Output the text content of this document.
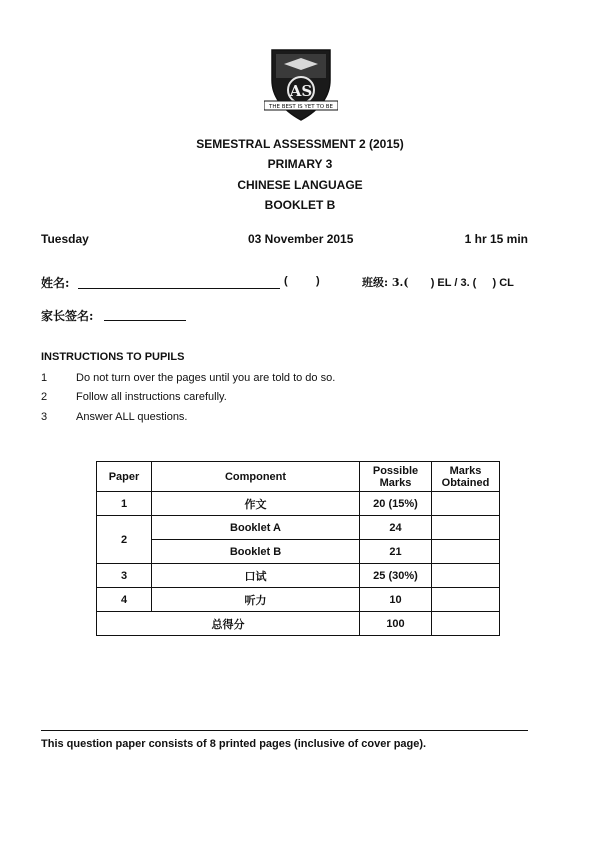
AS
THE BEST IS YET TO BE
SEMESTRAL ASSESSMENT 2 (2015)
PRIMARY 3
CHINESE LANGUAGE
BOOKLET B
Tuesday	03 November 2015	1 hr 15 min
姓名:	(	)	班级: 3.( ) EL / 3. ( ) CL
家长签名:
INSTRUCTIONS TO PUPILS
1	Do not turn over the pages until you are told to do so.
2	Follow all instructions carefully.
3	Answer ALL questions.
Paper	Component	Possible Marks	Marks Obtained
1	作文	20 (15%)	
2	Booklet A	24	
	Booklet B	21	
3	口试	25 (30%)	
4	听力	10	
总得分		100	
This question paper consists of 8 printed pages (inclusive of cover page).
